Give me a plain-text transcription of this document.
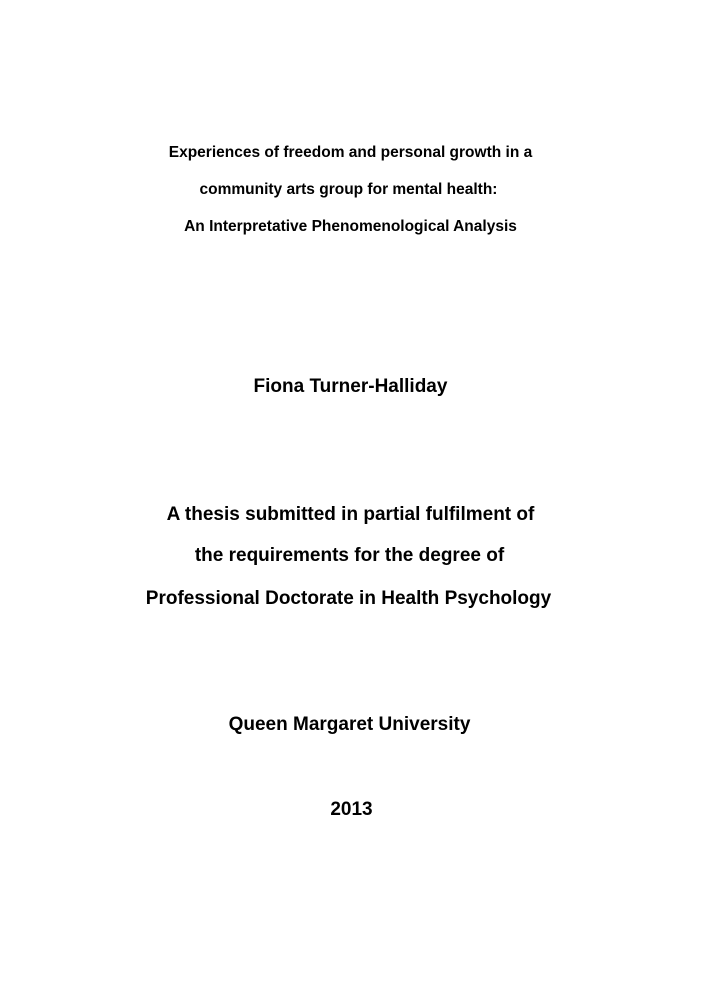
Experiences of freedom and personal growth in a

community arts group for mental health:

An Interpretative Phenomenological Analysis

Fiona Turner-Halliday

A thesis submitted in partial fulfilment of

the requirements for the degree of

Professional Doctorate in Health Psychology

Queen Margaret University

2013
